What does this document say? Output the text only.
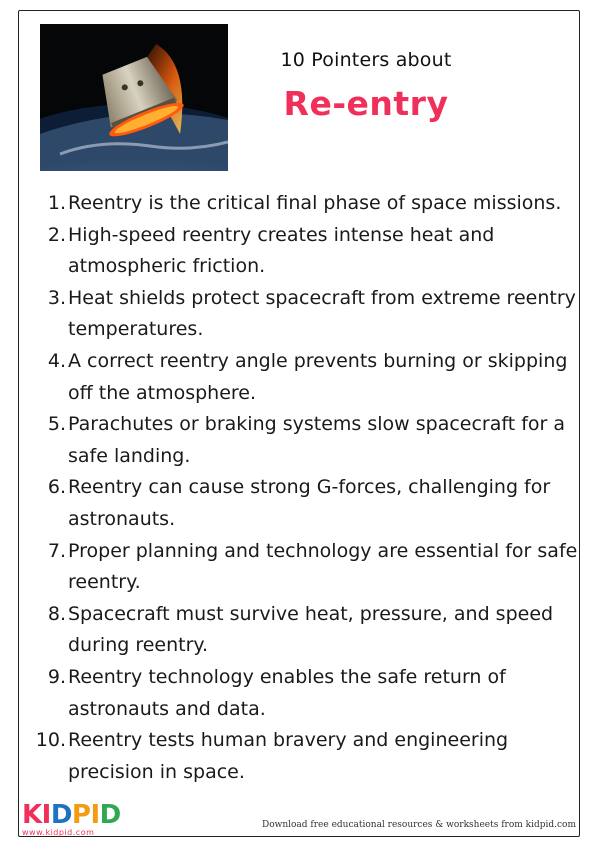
10 Pointers about
Re-entry
1. Reentry is the critical final phase of space missions.
2. High-speed reentry creates intense heat and atmospheric friction.
3. Heat shields protect spacecraft from extreme reentry temperatures.
4. A correct reentry angle prevents burning or skipping off the atmosphere.
5. Parachutes or braking systems slow spacecraft for a safe landing.
6. Reentry can cause strong G-forces, challenging for astronauts.
7. Proper planning and technology are essential for safe reentry.
8. Spacecraft must survive heat, pressure, and speed during reentry.
9. Reentry technology enables the safe return of astronauts and data.
10. Reentry tests human bravery and engineering precision in space.
KIDPID
www.kidpid.com
Download free educational resources & worksheets from kidpid.com
